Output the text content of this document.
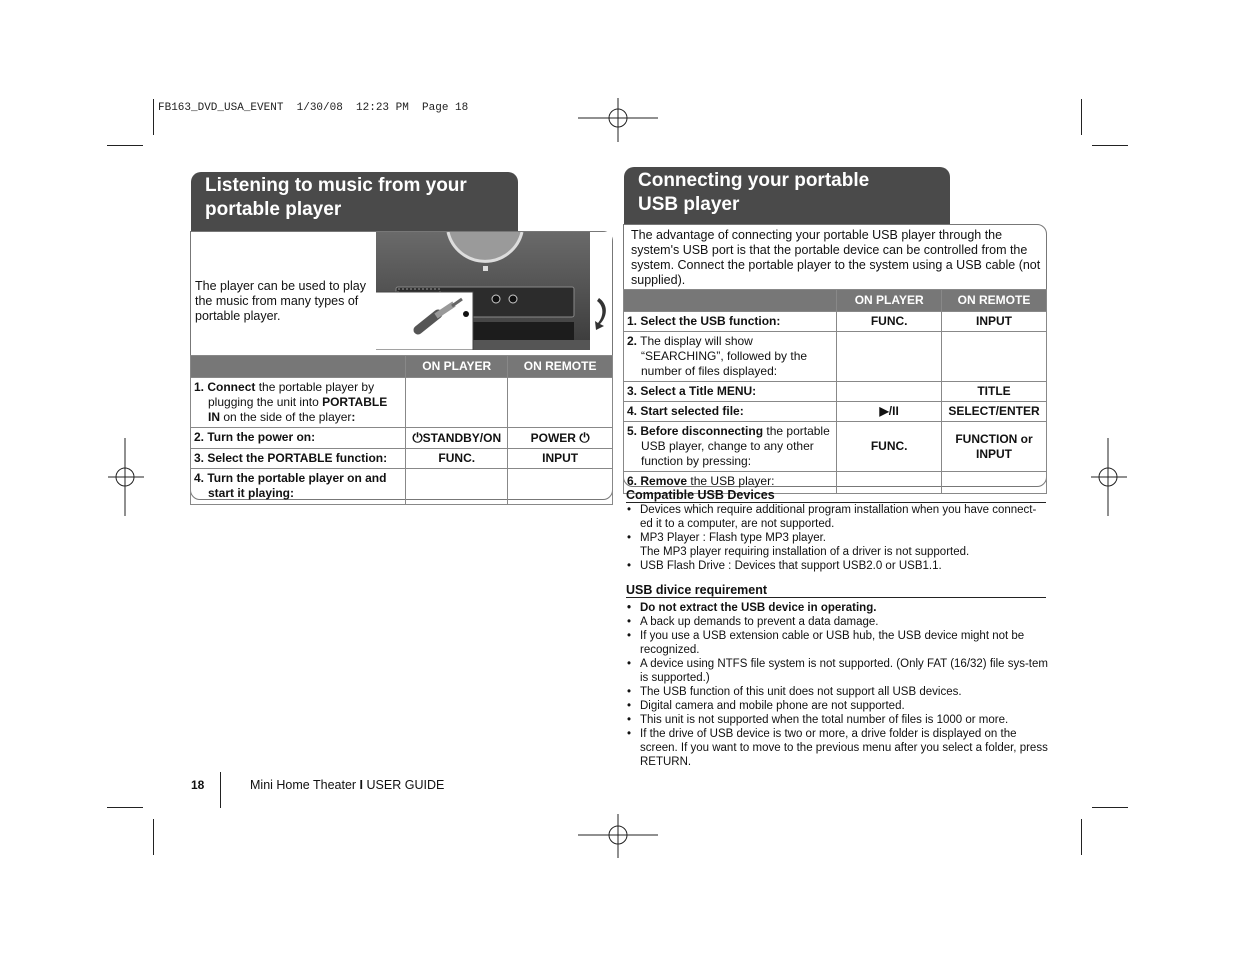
FB163_DVD_USA_EVENT  1/30/08  12:23 PM  Page 18
Listening to music from your
portable player
The player can be used to play the music from many types of portable player.
	ON PLAYER	ON REMOTE
1. Connect the portable player by plugging the unit into PORTABLE IN on the side of the player:		
2. Turn the power on:	⏻STANDBY/ON	POWER ⏻
3. Select the PORTABLE function:	FUNC.	INPUT
4. Turn the portable player on and start it playing:		
Connecting your portable
USB player
The advantage of connecting your portable USB player through the system's USB port is that the portable device can be controlled from the system. Connect the portable player to the system using a USB cable (not supplied).
	ON PLAYER	ON REMOTE
1. Select the USB function:	FUNC.	INPUT
2. The display will show “SEARCHING”, followed by the number of files displayed:		
3. Select a Title MENU:		TITLE
4. Start selected file:	▶/II	SELECT/ENTER
5. Before disconnecting the portable USB player, change to any other function by pressing:	FUNC.	FUNCTION or INPUT
6. Remove the USB player:		
Compatible USB Devices
• Devices which require additional program installation when you have connect-ed it to a computer, are not supported.
• MP3 Player : Flash type MP3 player.
The MP3 player requiring installation of a driver is not supported.
• USB Flash Drive : Devices that support USB2.0 or USB1.1.
USB divice requirement
• Do not extract the USB device in operating.
• A back up demands to prevent a data damage.
• If you use a USB extension cable or USB hub, the USB device might not be recognized.
• A device using NTFS file system is not supported. (Only FAT (16/32) file sys-tem is supported.)
• The USB function of this unit does not support all USB devices.
• Digital camera and mobile phone are not supported.
• This unit is not supported when the total number of files is 1000 or more.
• If the drive of USB device is two or more, a drive folder is displayed on the screen. If you want to move to the previous menu after you select a folder, press RETURN.
18	Mini Home Theater I USER GUIDE
